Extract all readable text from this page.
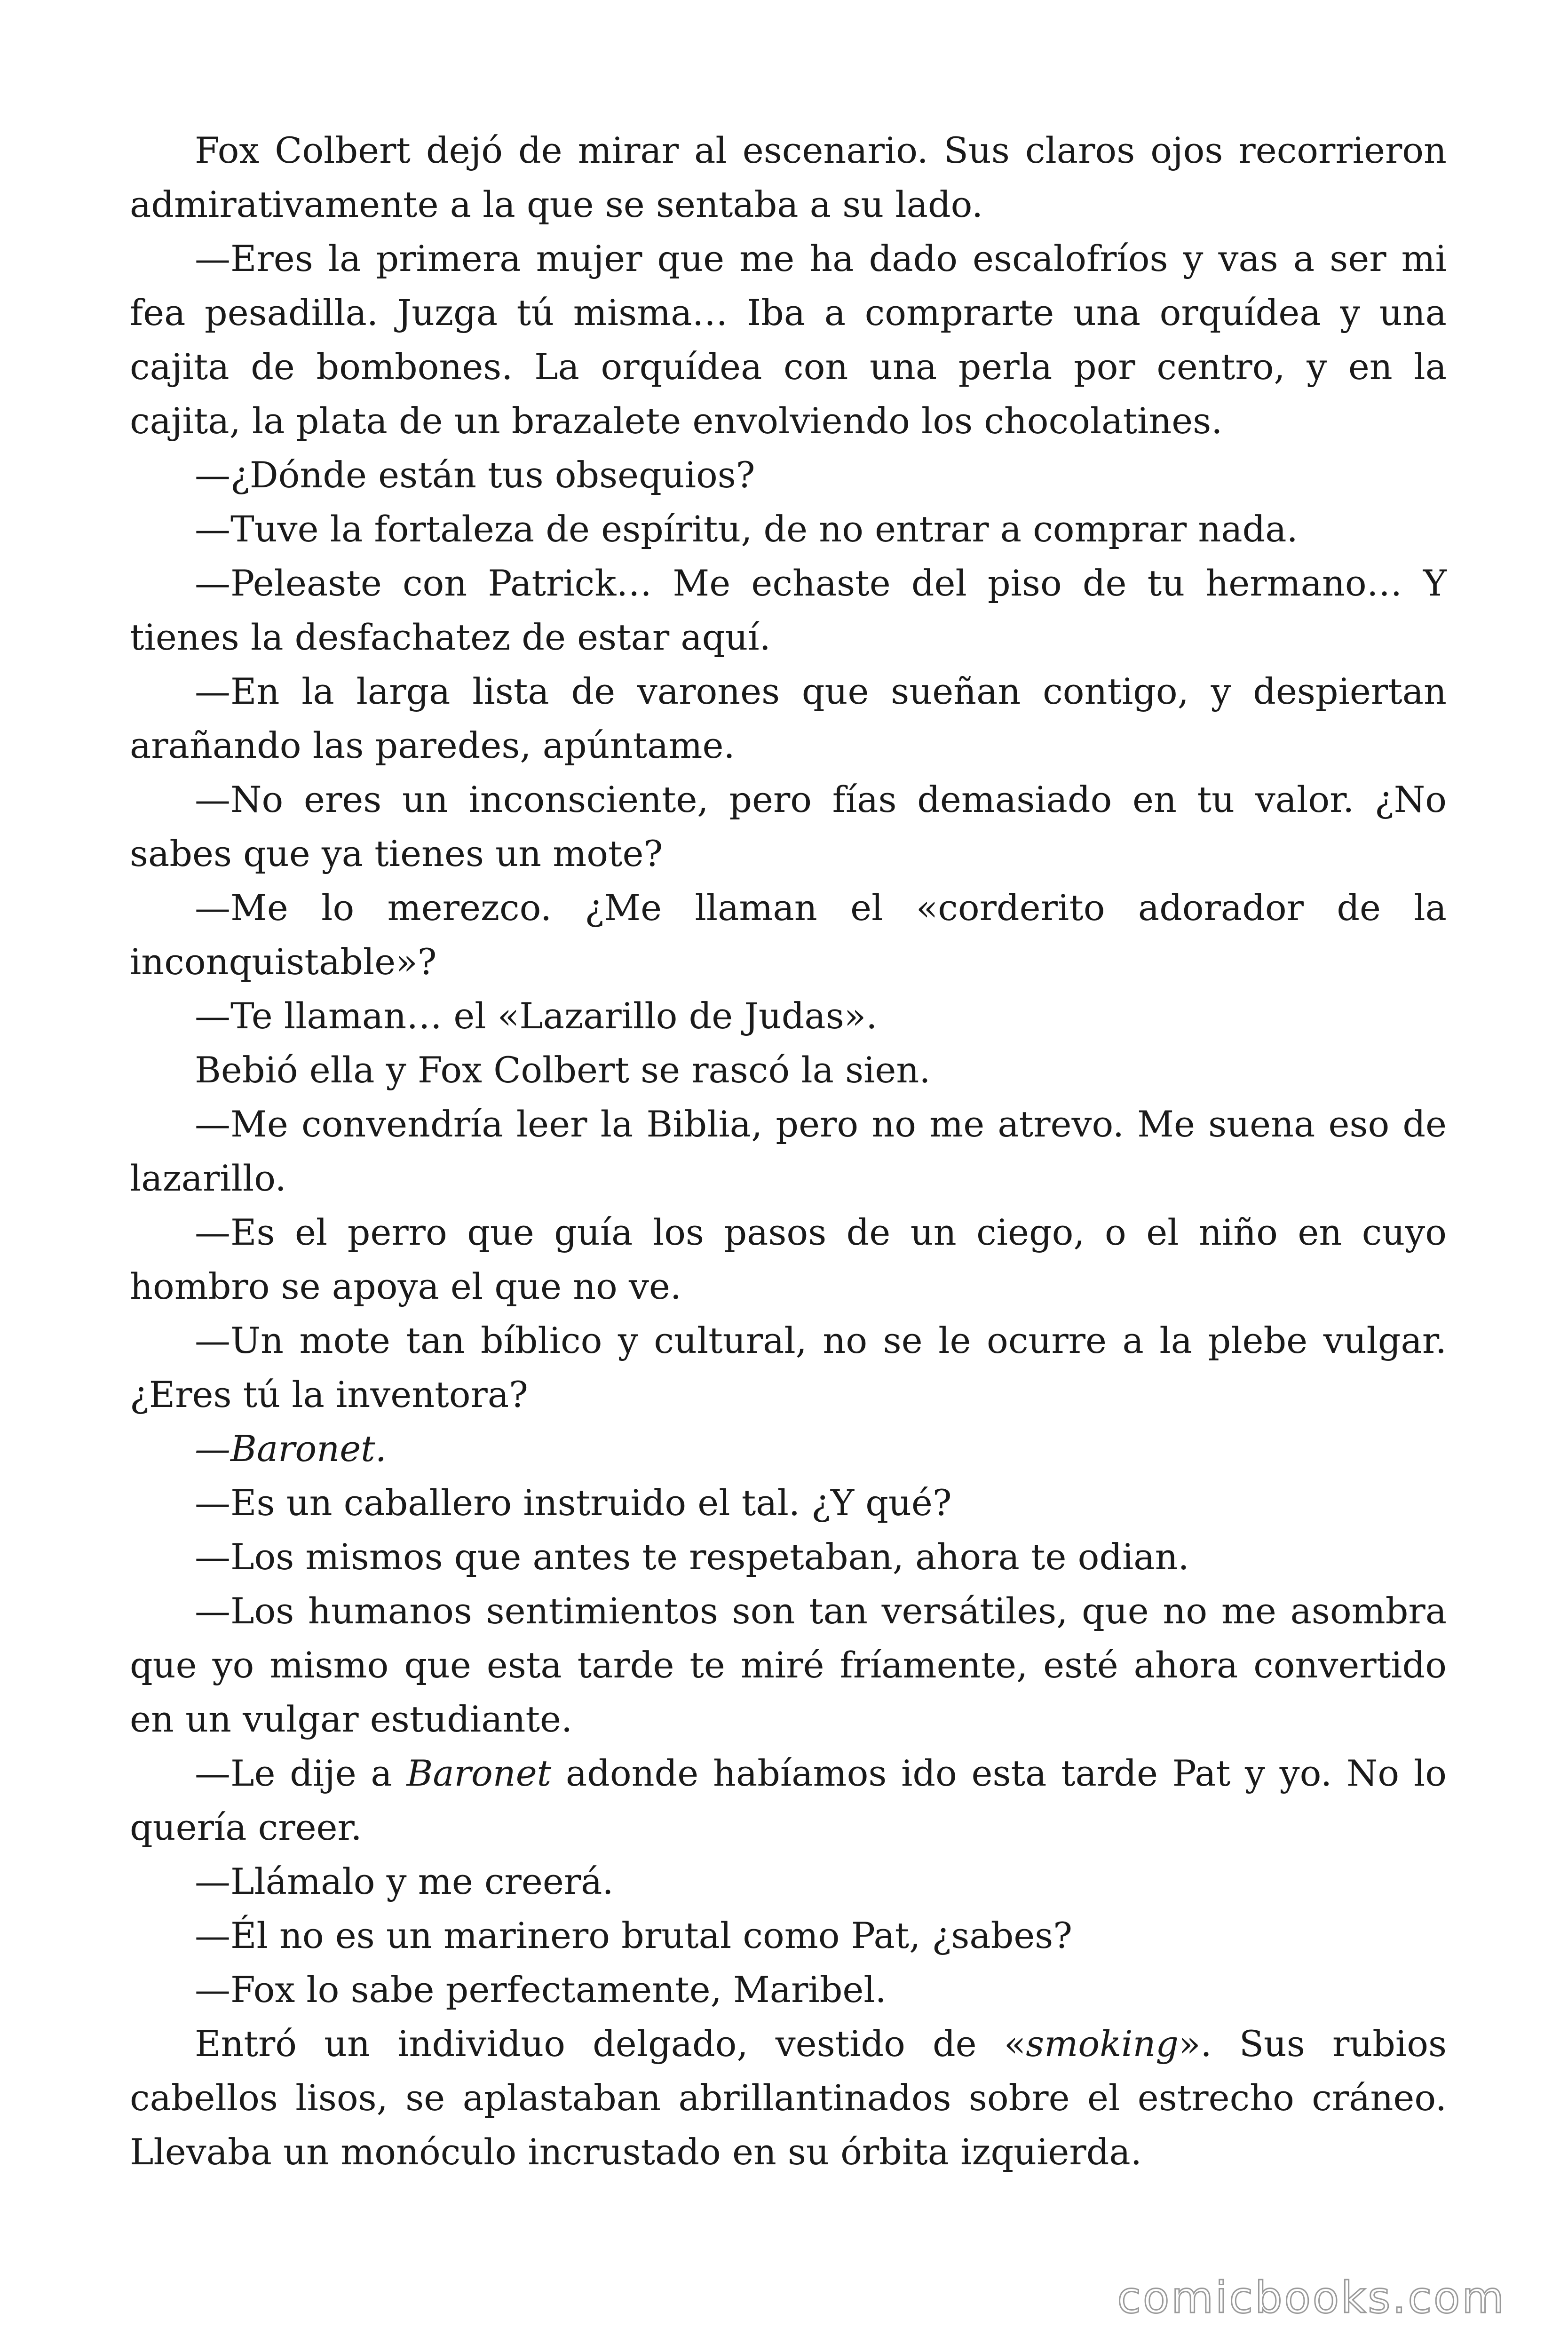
Fox Colbert dejó de mirar al escenario. Sus claros ojos recorrieron admirativamente a la que se sentaba a su lado.

—Eres la primera mujer que me ha dado escalofríos y vas a ser mi fea pesadilla. Juzga tú misma… Iba a comprarte una orquídea y una cajita de bombones. La orquídea con una perla por centro, y en la cajita, la plata de un brazalete envolviendo los chocolatines.

—¿Dónde están tus obsequios?

—Tuve la fortaleza de espíritu, de no entrar a comprar nada.

—Peleaste con Patrick… Me echaste del piso de tu hermano… Y tienes la desfachatez de estar aquí.

—En la larga lista de varones que sueñan contigo, y despiertan arañando las paredes, apúntame.

—No eres un inconsciente, pero fías demasiado en tu valor. ¿No sabes que ya tienes un mote?

—Me lo merezco. ¿Me llaman el «corderito adorador de la inconquistable»?

—Te llaman… el «Lazarillo de Judas».

Bebió ella y Fox Colbert se rascó la sien.

—Me convendría leer la Biblia, pero no me atrevo. Me suena eso de lazarillo.

—Es el perro que guía los pasos de un ciego, o el niño en cuyo hombro se apoya el que no ve.

—Un mote tan bíblico y cultural, no se le ocurre a la plebe vulgar. ¿Eres tú la inventora?

—Baronet.

—Es un caballero instruido el tal. ¿Y qué?

—Los mismos que antes te respetaban, ahora te odian.

—Los humanos sentimientos son tan versátiles, que no me asombra que yo mismo que esta tarde te miré fríamente, esté ahora convertido en un vulgar estudiante.

—Le dije a Baronet adonde habíamos ido esta tarde Pat y yo. No lo quería creer.

—Llámalo y me creerá.

—Él no es un marinero brutal como Pat, ¿sabes?

—Fox lo sabe perfectamente, Maribel.

Entró un individuo delgado, vestido de «smoking». Sus rubios cabellos lisos, se aplastaban abrillantinados sobre el estrecho cráneo. Llevaba un monóculo incrustado en su órbita izquierda.

comicbooks.com
